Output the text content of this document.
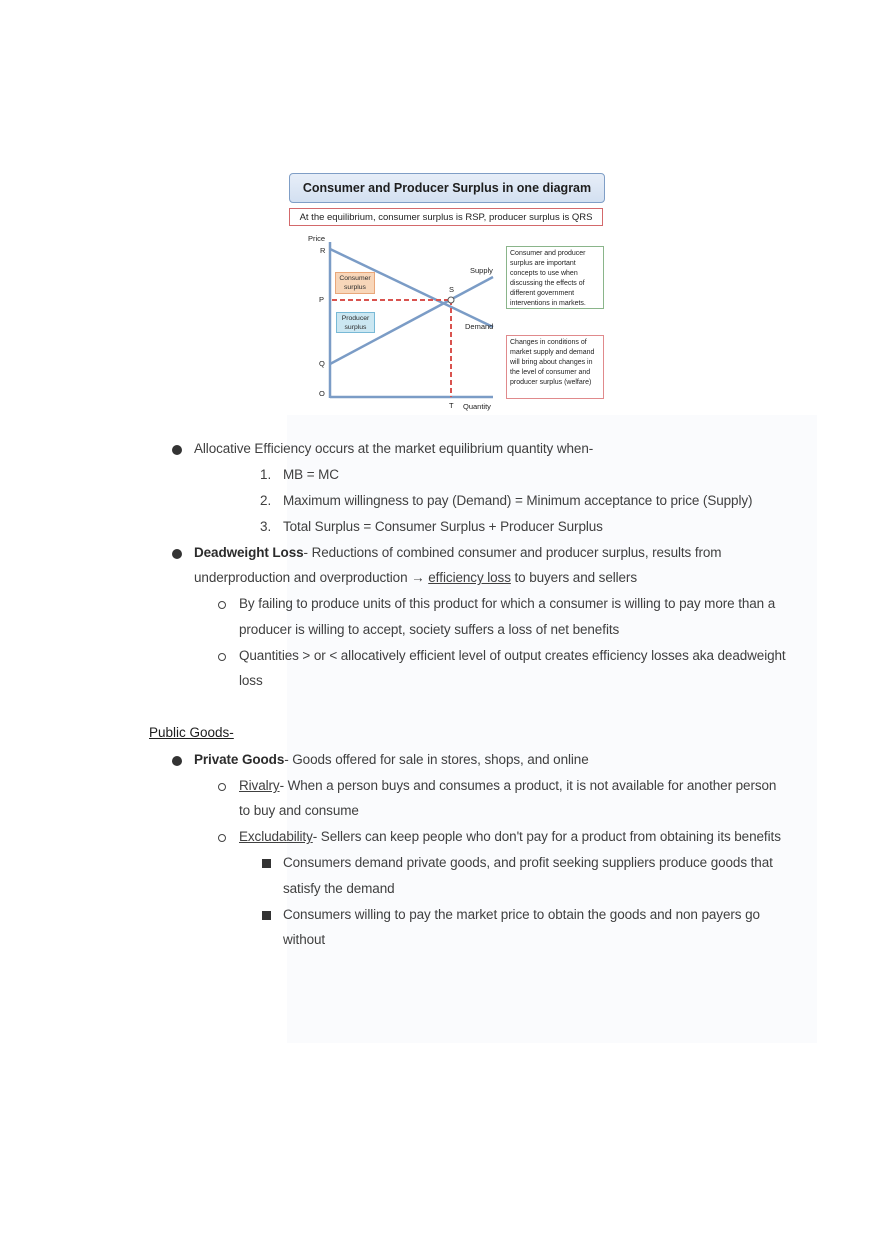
Consumer and Producer Surplus in one diagram
At the equilibrium, consumer surplus is RSP, producer surplus is QRS
Price
R
P
Q
O
S
T Quantity
Supply
Demand
Consumer surplus
Producer surplus
Consumer and producer surplus are important concepts to use when discussing the effects of different government interventions in markets.
Changes in conditions of market supply and demand will bring about changes in the level of consumer and producer surplus (welfare)
Allocative Efﬁciency occurs at the market equilibrium quantity when-
1. MB = MC
2. Maximum willingness to pay (Demand) = Minimum acceptance to price (Supply)
3. Total Surplus = Consumer Surplus + Producer Surplus
Deadweight Loss- Reductions of combined consumer and producer surplus, results from
underproduction and overproduction → efﬁciency loss to buyers and sellers
By failing to produce units of this product for which a consumer is willing to pay more than a
producer is willing to accept, society suffers a loss of net beneﬁts
Quantities > or < allocatively efﬁcient level of output creates efﬁciency losses aka deadweight
loss
Public Goods-
Private Goods- Goods offered for sale in stores, shops, and online
Rivalry- When a person buys and consumes a product, it is not available for another person
to buy and consume
Excludability- Sellers can keep people who don't pay for a product from obtaining its beneﬁts
Consumers demand private goods, and proﬁt seeking suppliers produce goods that
satisfy the demand
Consumers willing to pay the market price to obtain the goods and non payers go
without
